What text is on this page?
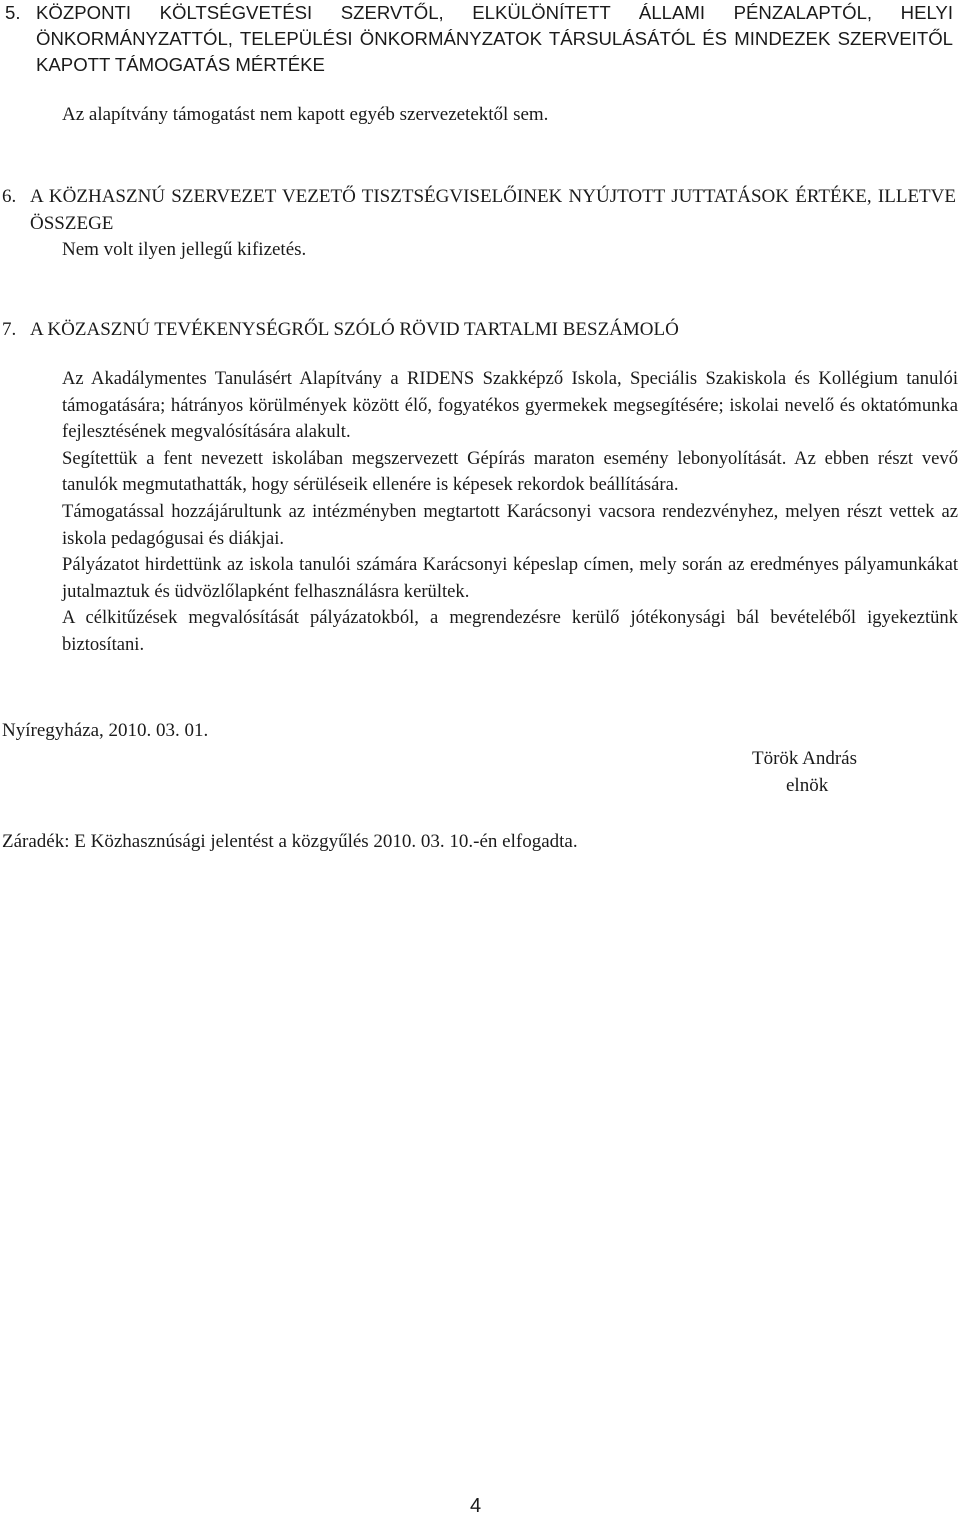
5. KÖZPONTI KÖLTSÉGVETÉSI SZERVTŐL, ELKÜLÖNÍTETT ÁLLAMI PÉNZALAPTÓL, HELYI ÖNKORMÁNYZATTÓL, TELEPÜLÉSI ÖNKORMÁNYZATOK TÁRSULÁSÁTÓL ÉS MINDEZEK SZERVEITŐL KAPOTT TÁMOGATÁS MÉRTÉKE
Az alapítvány támogatást nem kapott egyéb szervezetektől sem.
6. A KÖZHASZNÚ SZERVEZET VEZETŐ TISZTSÉGVISELŐINEK NYÚJTOTT JUTTATÁSOK ÉRTÉKE, ILLETVE ÖSSZEGE
Nem volt ilyen jellegű kifizetés.
7. A KÖZASZNÚ TEVÉKENYSÉGRŐL SZÓLÓ RÖVID TARTALMI BESZÁMOLÓ

Az Akadálymentes Tanulásért Alapítvány a RIDENS Szakképző Iskola, Speciális Szakiskola és Kollégium tanulói támogatására; hátrányos körülmények között élő, fogyatékos gyermekek megsegítésére; iskolai nevelő és oktatómunka fejlesztésének megvalósítására alakult.

Segítettük a fent nevezett iskolában megszervezett Gépírás maraton esemény lebonyolítását. Az ebben részt vevő tanulók megmutathatták, hogy sérüléseik ellenére is képesek rekordok beállítására.

Támogatással hozzájárultunk az intézményben megtartott Karácsonyi vacsora rendezvényhez, melyen részt vettek az iskola pedagógusai és diákjai.

Pályázatot hirdettünk az iskola tanulói számára Karácsonyi képeslap címen, mely során az eredményes pályamunkákat jutalmaztuk és üdvözlőlapként felhasználásra kerültek.

A célkitűzések megvalósítását pályázatokból, a megrendezésre kerülő jótékonysági bál bevételéből igyekeztünk biztosítani.

Nyíregyháza, 2010. 03. 01.
Török András
elnök
Záradék: E Közhasznúsági jelentést a közgyűlés 2010. 03. 10.-én elfogadta.
4
